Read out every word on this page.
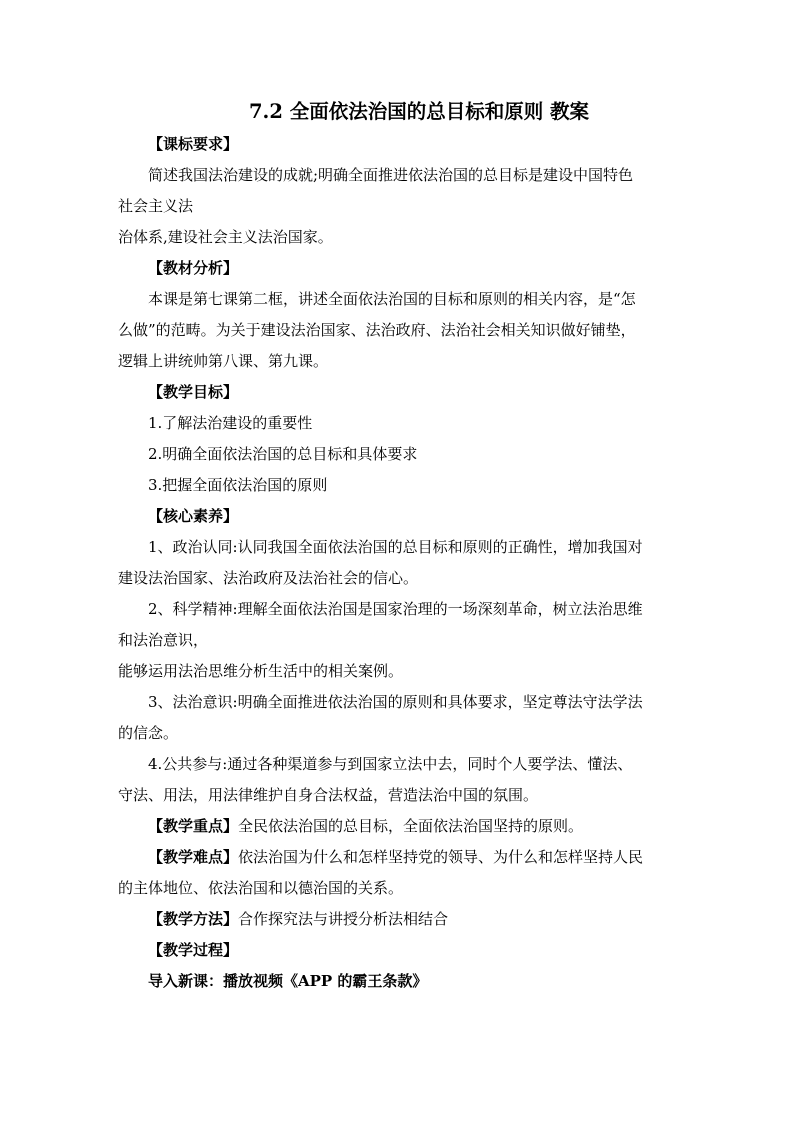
7.2 全面依法治国的总目标和原则 教案

【课标要求】

简述我国法治建设的成就;明确全面推进依法治国的总目标是建设中国特色

社会主义法

治体系,建设社会主义法治国家。

【教材分析】

本课是第七课第二框，讲述全面依法治国的目标和原则的相关内容，是“怎

么做”的范畴。为关于建设法治国家、法治政府、法治社会相关知识做好铺垫，

逻辑上讲统帅第八课、第九课。

【教学目标】

1.了解法治建设的重要性

2.明确全面依法治国的总目标和具体要求

3.把握全面依法治国的原则

【核心素养】

1、政治认同:认同我国全面依法治国的总目标和原则的正确性，增加我国对

建设法治国家、法治政府及法治社会的信心。

2、科学精神:理解全面依法治国是国家治理的一场深刻革命，树立法治思维

和法治意识，

能够运用法治思维分析生活中的相关案例。

3、法治意识:明确全面推进依法治国的原则和具体要求，坚定尊法守法学法

的信念。

4.公共参与:通过各种渠道参与到国家立法中去，同时个人要学法、懂法、

守法、用法，用法律维护自身合法权益，营造法治中国的氛围。

【教学重点】全民依法治国的总目标，全面依法治国坚持的原则。

【教学难点】依法治国为什么和怎样坚持党的领导、为什么和怎样坚持人民

的主体地位、依法治国和以德治国的关系。

【教学方法】合作探究法与讲授分析法相结合

【教学过程】

导入新课：播放视频《APP 的霸王条款》
